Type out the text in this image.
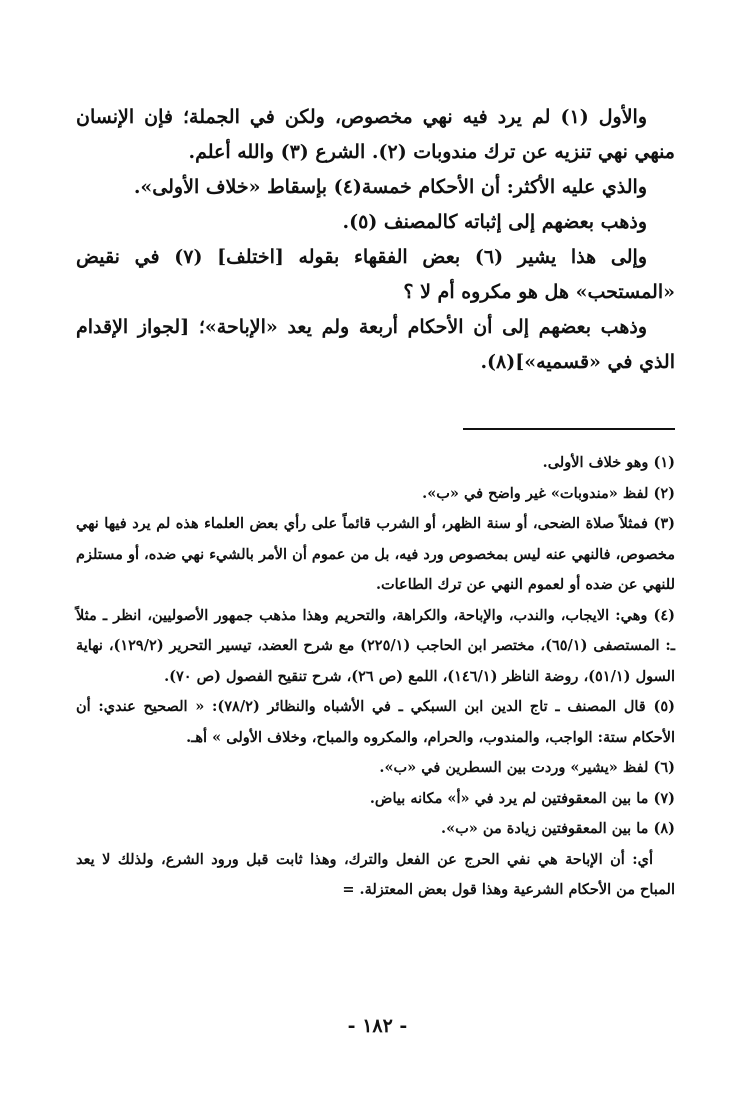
والأول (١) لم يرد فيه نهي مخصوص، ولكن في الجملة؛ فإن الإنسان منهي نهي تنزيه عن ترك مندوبات (٢). الشرع (٣) والله أعلم.

والذي عليه الأكثر: أن الأحكام خمسة(٤) بإسقاط «خلاف الأولى».

وذهب بعضهم إلى إثباته كالمصنف (٥).

وإلى هذا يشير (٦) بعض الفقهاء بقوله [اختلف] (٧) في نقيض «المستحب» هل هو مكروه أم لا ؟

وذهب بعضهم إلى أن الأحكام أربعة ولم يعد «الإباحة»؛ [لجواز الإقدام الذي في «قسميه»](٨).

(١) وهو خلاف الأولى.

(٢) لفظ «مندوبات» غير واضح في «ب».

(٣) فمثلاً صلاة الضحى، أو سنة الظهر، أو الشرب قائماً على رأي بعض العلماء هذه لم يرد فيها نهي مخصوص، فالنهي عنه ليس بمخصوص ورد فيه، بل من عموم أن الأمر بالشيء نهي ضده، أو مستلزم للنهي عن ضده أو لعموم النهي عن ترك الطاعات.

(٤) وهي: الايجاب، والندب، والإباحة، والكراهة، والتحريم وهذا مذهب جمهور الأصوليين، انظر ـ مثلاً ـ: المستصفى (٦٥/١)، مختصر ابن الحاجب (٢٢٥/١) مع شرح العضد، تيسير التحرير (١٢٩/٢)، نهاية السول (٥١/١)، روضة الناظر (١٤٦/١)، اللمع (ص ٢٦)، شرح تنقيح الفصول (ص ٧٠).

(٥) قال المصنف ـ تاج الدين ابن السبكي ـ في الأشباه والنظائر (٧٨/٢): « الصحيح عندي: أن الأحكام ستة: الواجب، والمندوب، والحرام، والمكروه والمباح، وخلاف الأولى » أهـ.

(٦) لفظ «يشير» وردت بين السطرين في «ب».

(٧) ما بين المعقوفتين لم يرد في «أ» مكانه بياض.

(٨) ما بين المعقوفتين زيادة من «ب».

أي: أن الإباحة هي نفي الحرج عن الفعل والترك، وهذا ثابت قبل ورود الشرع، ولذلك لا يعد المباح من الأحكام الشرعية وهذا قول بعض المعتزلة. =

- ١٨٢ -
